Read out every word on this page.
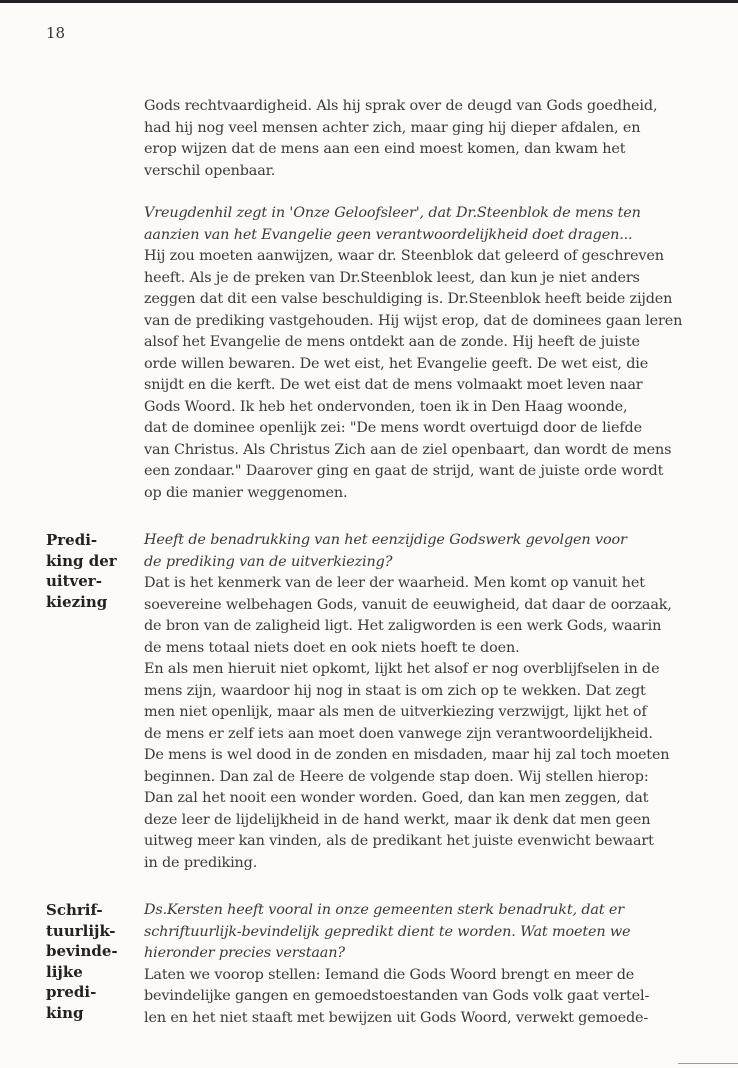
18
Gods rechtvaardigheid. Als hij sprak over de deugd van Gods goedheid,
had hij nog veel mensen achter zich, maar ging hij dieper afdalen, en
erop wijzen dat de mens aan een eind moest komen, dan kwam het
verschil openbaar.
Vreugdenhil zegt in 'Onze Geloofsleer', dat Dr.Steenblok de mens ten
aanzien van het Evangelie geen verantwoordelijkheid doet dragen...
Hij zou moeten aanwijzen, waar dr. Steenblok dat geleerd of geschreven
heeft. Als je de preken van Dr.Steenblok leest, dan kun je niet anders
zeggen dat dit een valse beschuldiging is. Dr.Steenblok heeft beide zijden
van de prediking vastgehouden. Hij wijst erop, dat de dominees gaan leren
alsof het Evangelie de mens ontdekt aan de zonde. Hij heeft de juiste
orde willen bewaren. De wet eist, het Evangelie geeft. De wet eist, die
snijdt en die kerft. De wet eist dat de mens volmaakt moet leven naar
Gods Woord. Ik heb het ondervonden, toen ik in Den Haag woonde,
dat de dominee openlijk zei: "De mens wordt overtuigd door de liefde
van Christus. Als Christus Zich aan de ziel openbaart, dan wordt de mens
een zondaar." Daarover ging en gaat de strijd, want de juiste orde wordt
op die manier weggenomen.
Predi-
king der
uitver-
kiezing
Heeft de benadrukking van het eenzijdige Godswerk gevolgen voor
de prediking van de uitverkiezing?
Dat is het kenmerk van de leer der waarheid. Men komt op vanuit het
soevereine welbehagen Gods, vanuit de eeuwigheid, dat daar de oorzaak,
de bron van de zaligheid ligt. Het zaligworden is een werk Gods, waarin
de mens totaal niets doet en ook niets hoeft te doen.
En als men hieruit niet opkomt, lijkt het alsof er nog overblijfselen in de
mens zijn, waardoor hij nog in staat is om zich op te wekken. Dat zegt
men niet openlijk, maar als men de uitverkiezing verzwijgt, lijkt het of
de mens er zelf iets aan moet doen vanwege zijn verantwoordelijkheid.
De mens is wel dood in de zonden en misdaden, maar hij zal toch moeten
beginnen. Dan zal de Heere de volgende stap doen. Wij stellen hierop:
Dan zal het nooit een wonder worden. Goed, dan kan men zeggen, dat
deze leer de lijdelijkheid in de hand werkt, maar ik denk dat men geen
uitweg meer kan vinden, als de predikant het juiste evenwicht bewaart
in de prediking.
Schrif-
tuurlijk-
bevinde-
lijke
predi-
king
Ds.Kersten heeft vooral in onze gemeenten sterk benadrukt, dat er
schriftuurlijk-bevindelijk gepredikt dient te worden. Wat moeten we
hieronder precies verstaan?
Laten we voorop stellen: Iemand die Gods Woord brengt en meer de
bevindelijke gangen en gemoedstoestanden van Gods volk gaat vertel-
len en het niet staaft met bewijzen uit Gods Woord, verwekt gemoede-
